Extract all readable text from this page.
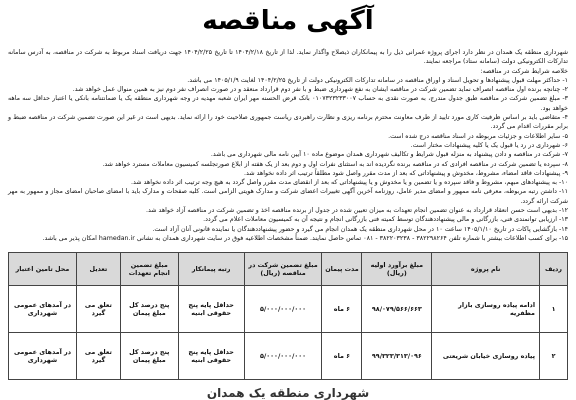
آگهی مناقصه

شهرداری منطقه یک همدان در نظر دارد اجرای پروژه عمرانی ذیل را به پیمانکاران ذیصلاح واگذار نماید. لذا از تاریخ ۱۴۰۴/۲/۱۸ تا تاریخ ۱۴۰۴/۲/۲۵ جهت دریافت اسناد مربوط به شرکت در مناقصه، به آدرس سامانه تدارکات الکترونیکی دولت (سامانه ستاد) مراجعه نمایند.

خلاصه شرایط شرکت در مناقصه:

۱- حداکثر مهلت قبول پیشنهادها و تحویل اسناد و اوراق مناقصه در سامانه تدارکات الکترونیکی دولت از تاریخ ۱۴۰۴/۲/۲۵ لغایت ۱۴۰۵/۱/۹ می باشد.

۲- چنانچه برنده اول مناقصه انصراف نماید تضمین شرکت در مناقصه ایشان به نفع شهرداری ضبط و با نفر دوم قرارداد منعقد و در صورت انصراف نفر دوم نیز به همین منوال عمل خواهد شد.

۳- مبلغ تضمین شرکت در مناقصه طبق جدول مندرج، به صورت نقدی به حساب ۰۱۰۷۳۲۳۲۳۳۰۰۷ بانک قرض الحسنه مهر ایران شعبه مهدیه در وجه شهرداری منطقه یک یا ضمانتنامه بانکی یا اعتبار حداقل سه ماهه خواهد بود.

۴- متقاضی باید بر اساس ظرفیت کاری مورد تایید از طرف معاونت محترم برنامه ریزی و نظارت راهبردی ریاست جمهوری صلاحیت خود را ارائه نماید. بدیهی است در غیر این صورت تضمین شرکت در مناقصه ضبط و برابر مقررات اقدام می گردد.

۵- سایر اطلاعات و جزئیات مربوطه در اسناد مناقصه درج شده است.

۶- شهرداری در رد یا قبول یک یا کلیه پیشنهادات مختار است.

۷- شرکت در مناقصه و دادن پیشنهاد به منزله قبول شرایط و تکالیف شهرداری همدان موضوع ماده ۱۰ آیین نامه مالی شهرداری می باشد.

۸- سپرده یا تضمین شرکت در مناقصه افرادی که در مناقصه برنده نگردیده اند به استثنای نفرات اول و دوم بعد از یک هفته از ابلاغ صورتجلسه کمیسیون معاملات مسترد خواهد شد.

۹- پیشنهادات فاقد امضاء، مشروط، مخدوش و پیشنهاداتی که بعد از مدت مقرر واصل شود مطلقاً ترتیب اثر داده نخواهد شد.

۱۰- به پیشنهادهای مبهم، مشروط و فاقد سپرده و یا تضمین و یا مخدوش و یا پیشنهاداتی که بعد از انقضای مدت مقرر واصل گردد به هیچ وجه ترتیب اثر داده نخواهد شد.

۱۱- داشتن رتبه مربوطه، معرفی نامه ممهور و امضای مدیر عامل، روزنامه آخرین آگهی تغییرات اعضای شرکت و مدارک هویتی الزامی است. کلیه صفحات و مدارک باید با امضای صاحبان امضای مجاز و ممهور به مهر شرکت ارائه گردد.

۱۲- بدیهی است حسن انعقاد قرارداد به عنوان تضمین انجام تعهدات به میزان تعیین شده در جدول از برنده مناقصه اخذ و تضمین شرکت در مناقصه آزاد خواهد شد.

۱۳- ارزیابی توانمندی فنی، بازرگانی و مالی پیشنهاددهندگان توسط کمیته فنی بازرگانی انجام و نتیجه آن به کمیسیون معاملات اعلام می گردد.

۱۴- بازگشایی پاکات در تاریخ ۱۴۰۵/۱/۱۰ ساعت ۱۰ در محل شهرداری منطقه یک همدان انجام می گیرد و حضور پیشنهاددهندگان یا نماینده قانونی آنان آزاد است.

۱۵- برای کسب اطلاعات بیشتر با شماره تلفن ۳۸۲۲۹۸۲۶۴ - ۳۸۲۲۰۳۲۳۸ - ۰۸۱ تماس حاصل نمایند. ضمناً مشخصات اطلاعیه فوق در سایت شهرداری همدان به نشانی hamedan.ir امکان پذیر می باشد.

ردیف	نام پروژه	مبلغ برآورد اولیه (ریال)	مدت پیمان	مبلغ تضمین شرکت در مناقصه (ریال)	رتبه پیمانکار	مبلغ تضمین انجام تعهدات	تعدیل	محل تامین اعتبار
۱	ادامه پیاده روسازی بازار مظفریه	۹۸/۰۷۹/۵۶۶/۶۶۳	۶ ماه	۵/۰۰۰/۰۰۰/۰۰۰	حداقل پایه پنج حقوقی ابنیه	پنج درصد کل مبلغ پیمان	تعلق می گیرد	در آمدهای عمومی شهرداری
۲	پیاده روسازی خیابان شریعتی	۹۹/۳۲۳/۳۱۳/۰۹۶	۶ ماه	۵/۰۰۰/۰۰۰/۰۰۰	حداقل پایه پنج حقوقی ابنیه	پنج درصد کل مبلغ پیمان	تعلق می گیرد	در آمدهای عمومی شهرداری
شهرداری منطقه یک همدان
